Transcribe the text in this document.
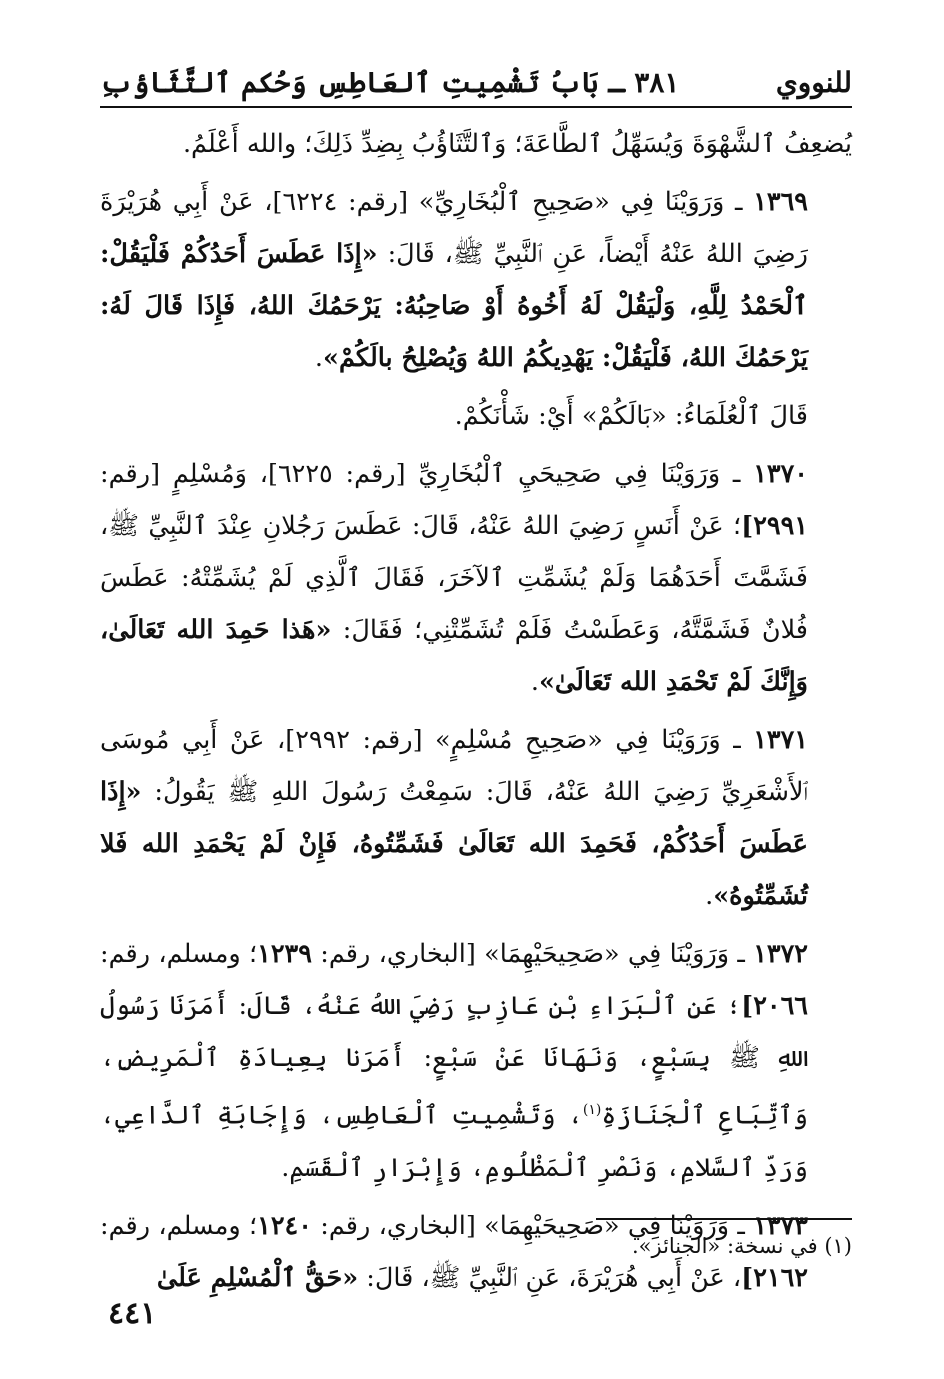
للنووي
٣٨١ ـ بَابُ تَشْمِيتِ ٱلعَاطِسِ وَحُكم ٱلتَّثَاؤبِ

يُضعِفُ ٱلشَّهْوَةَ وَيُسَهِّلُ ٱلطَّاعَةَ؛ وَٱلتَّثَاؤُبُ بِضِدِّ ذَلِكَ؛ والله أَعْلَمُ.

١٣٦٩ ـ وَرَوَيْنَا فِي «صَحِيحِ ٱلْبُخَارِيِّ» [رقم: ٦٢٢٤]، عَنْ أَبِي هُرَيْرَةَ رَضِيَ اللهُ عَنْهُ أَيْضاً، عَنِ ٱلنَّبِيِّ ﷺ، قَالَ: «إِذَا عَطَسَ أَحَدُكُمْ فَلْيَقُلْ: ٱلْحَمْدُ لِلَّهِ، وَلْيَقُلْ لَهُ أَخُوهُ أَوْ صَاحِبُهُ: يَرْحَمُكَ اللهُ، فَإِذَا قَالَ لَهُ: يَرْحَمُكَ اللهُ، فَلْيَقُلْ: يَهْدِيكُمُ اللهُ وَيُصْلِحُ بالَكُمْ».

قَالَ ٱلْعُلَمَاءُ: «بَالَكُمْ» أَيْ: شَأْنَكُمْ.

١٣٧٠ ـ وَرَوَيْنَا فِي صَحِيحَيِ ٱلْبُخَارِيِّ [رقم: ٦٢٢٥]، وَمُسْلِمٍ [رقم: ٢٩٩١]؛ عَنْ أَنَسٍ رَضِيَ اللهُ عَنْهُ، قَالَ: عَطَسَ رَجُلانِ عِنْدَ ٱلنَّبِيِّ ﷺ، فَشَمَّتَ أَحَدَهُمَا وَلَمْ يُشَمِّتِ ٱلآخَرَ، فَقَالَ ٱلَّذِي لَمْ يُشَمِّتْهُ: عَطَسَ فُلانٌ فَشَمَّتَّهُ، وَعَطَسْتُ فَلَمْ تُشَمِّتْنِي؛ فَقَالَ: «هَذا حَمِدَ الله تَعَالَىٰ، وَإِنَّكَ لَمْ تَحْمَدِ الله تَعَالَىٰ».

١٣٧١ ـ وَرَوَيْنَا فِي «صَحِيحِ مُسْلِمٍ» [رقم: ٢٩٩٢]، عَنْ أَبِي مُوسَى ٱلأَشْعَرِيِّ رَضِيَ اللهُ عَنْهُ، قَالَ: سَمِعْتُ رَسُولَ اللهِ ﷺ يَقُولُ: «إِذَا عَطَسَ أَحَدُكُمْ، فَحَمِدَ الله تَعَالَىٰ فَشَمِّتُوهُ، فَإِنْ لَمْ يَحْمَدِ الله فَلا تُشَمِّتُوهُ».

١٣٧٢ ـ وَرَوَيْنَا فِي «صَحِيحَيْهِمَا» [البخاري، رقم: ١٢٣٩؛ ومسلم، رقم: ٢٠٦٦]؛ عَنِ ٱلْبَرَاءِ بْنِ عَازِبٍ رَضِيَ اللهُ عَنْهُ، قَالَ: أَمَرَنَا رَسُولُ اللهِ ﷺ بِسَبْعٍ، وَنَهَانَا عَنْ سَبْعٍ: أَمَرَنا بِعِيادَةِ ٱلْمَرِيضِ، وَٱتِّبَاعِ ٱلْجَنَازَةِ$^{(١)}$، وَتَشْمِيتِ ٱلْعَاطِسِ، وَإِجَابَةِ ٱلدَّاعِي، وَرَدِّ ٱلسَّلامِ، وَنَصْرِ ٱلْمَظْلُومِ، وَإِبْرَارِ ٱلْقَسَمِ.

١٣٧٣ ـ وَرَوَيْنَا فِي «صَحِيحَيْهِمَا» [البخاري، رقم: ١٢٤٠؛ ومسلم، رقم: ٢١٦٢]، عَنْ أَبِي هُرَيْرَةَ، عَنِ ٱلنَّبِيِّ ﷺ، قَالَ: «حَقُّ ٱلْمُسْلِمِ عَلَىٰ

(١) في نسخة: «الجنائز».
٤٤١
